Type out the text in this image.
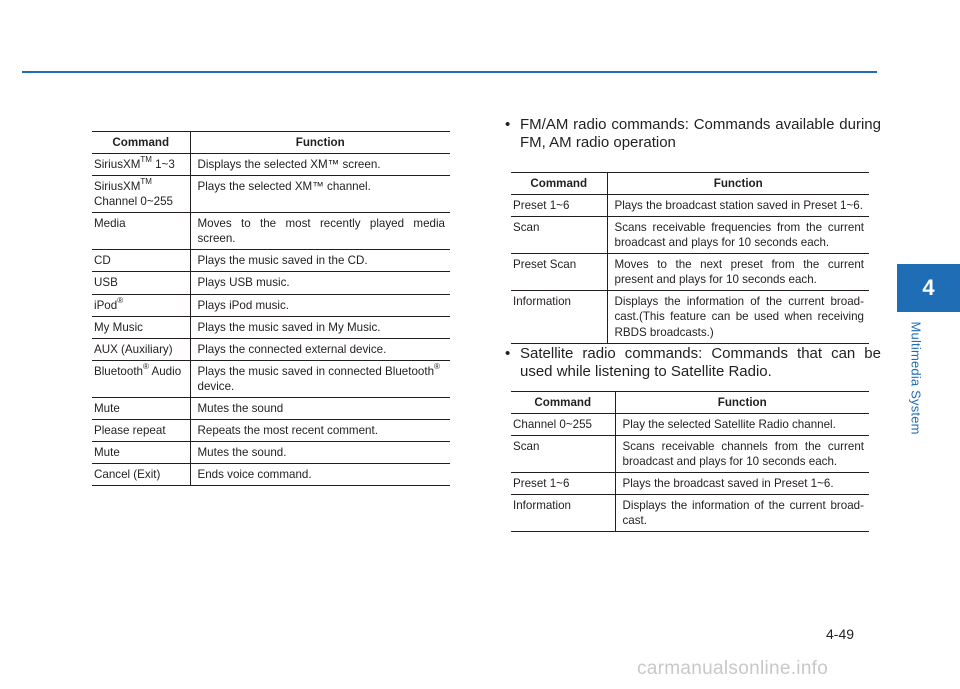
Command	Function
SiriusXM™ 1~3	Displays the selected XM™ screen.
SiriusXM™
Channel 0~255	Plays the selected XM™ channel.
Media	Moves to the most recently played media screen.
CD	Plays the music saved in the CD.
USB	Plays USB music.
iPod®	Plays iPod music.
My Music	Plays the music saved in My Music.
AUX (Auxiliary)	Plays the connected external device.
Bluetooth® Audio	Plays the music saved in connected Bluetooth®
device.
Mute	Mutes the sound
Please repeat	Repeats the most recent comment.
Mute	Mutes the sound.
Cancel (Exit)	Ends voice command.
• FM/AM radio commands: Commands available during FM, AM radio operation
Command	Function
Preset 1~6	Plays the broadcast station saved in Preset 1~6.
Scan	Scans receivable frequencies from the current broadcast and plays for 10 seconds each.
Preset Scan	Moves to the next preset from the current present and plays for 10 seconds each.
Information	Displays the information of the current broad-cast.(This feature can be used when receiving RBDS broadcasts.)
• Satellite radio commands: Commands that can be used while listening to Satellite Radio.
Command	Function
Channel 0~255	Play the selected Satellite Radio channel.
Scan	Scans receivable channels from the current broadcast and plays for 10 seconds each.
Preset 1~6	Plays the broadcast saved in Preset 1~6.
Information	Displays the information of the current broad-cast.
4
Multimedia System
4-49
carmanualsonline.info
